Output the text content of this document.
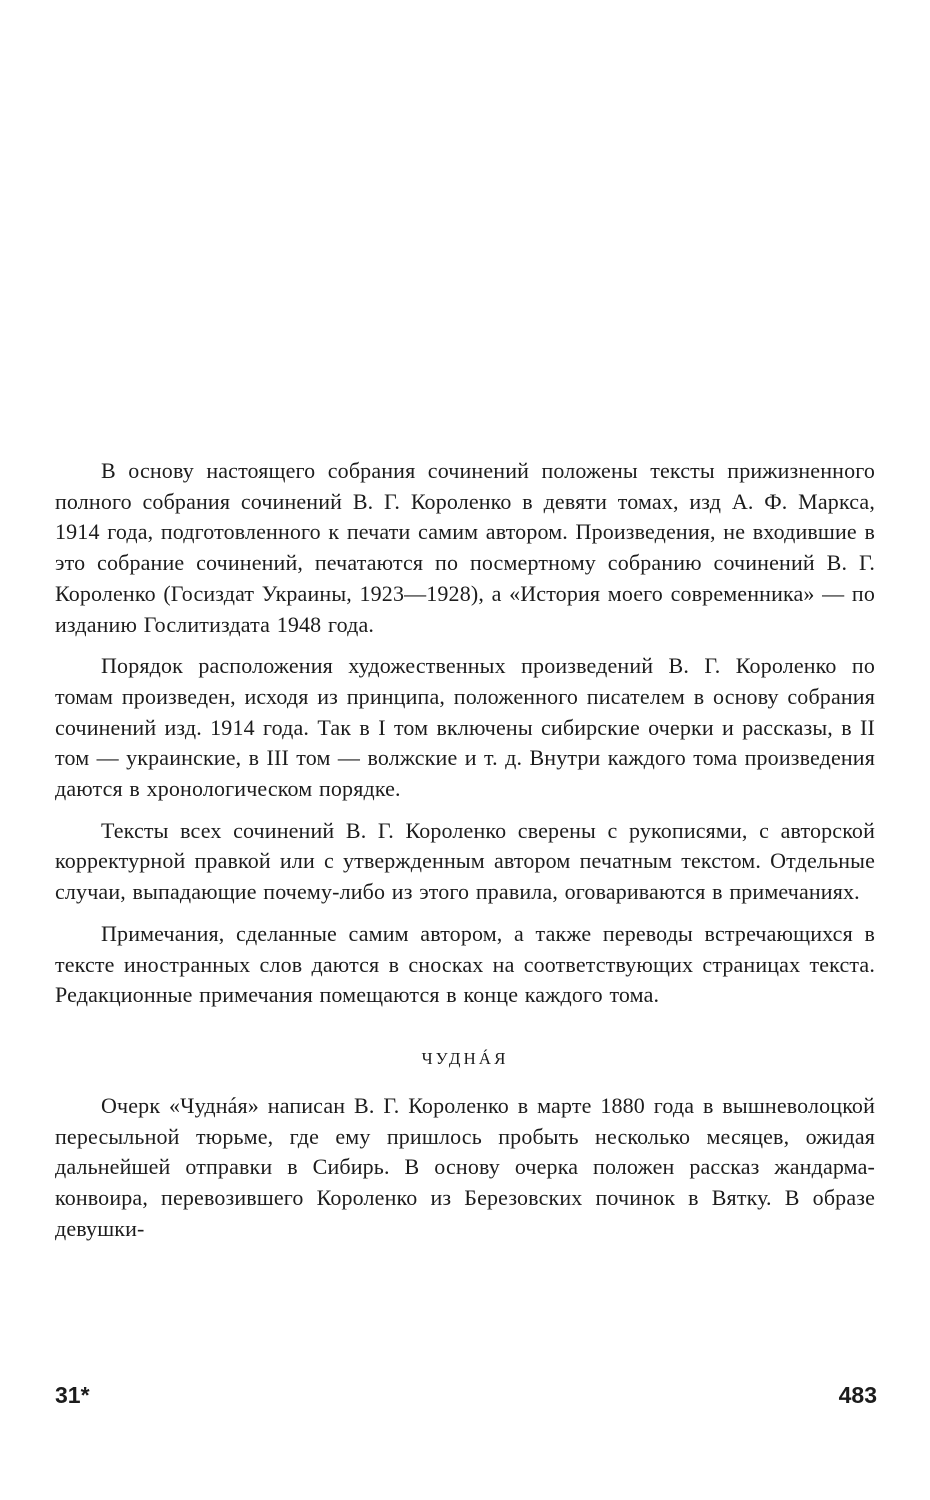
В основу настоящего собрания сочинений положены тексты прижизненного полного собрания сочинений В. Г. Короленко в девяти томах, изд А. Ф. Маркса, 1914 года, подготовленного к печати самим автором. Произведения, не входившие в это собрание сочинений, печатаются по посмертному собранию сочинений В. Г. Короленко (Госиздат Украины, 1923—1928), а «История моего современника» — по изданию Гослитиздата 1948 года.

Порядок расположения художественных произведений В. Г. Короленко по томам произведен, исходя из принципа, положенного писателем в основу собрания сочинений изд. 1914 года. Так в I том включены сибирские очерки и рассказы, в II том — украинские, в III том — волжские и т. д. Внутри каждого тома произведения даются в хронологическом порядке.

Тексты всех сочинений В. Г. Короленко сверены с рукописями, с авторской корректурной правкой или с утвержденным автором печатным текстом. Отдельные случаи, выпадающие почему-либо из этого правила, оговариваются в примечаниях.

Примечания, сделанные самим автором, а также переводы встречающихся в тексте иностранных слов даются в сносках на соответствующих страницах текста. Редакционные примечания помещаются в конце каждого тома.

ЧУДНÁЯ

Очерк «Чуднáя» написан В. Г. Короленко в марте 1880 года в вышневолоцкой пересыльной тюрьме, где ему пришлось пробыть несколько месяцев, ожидая дальнейшей отправки в Сибирь. В основу очерка положен рассказ жандарма-конвоира, перевозившего Короленко из Березовских починок в Вятку. В образе девушки-

31*	483
